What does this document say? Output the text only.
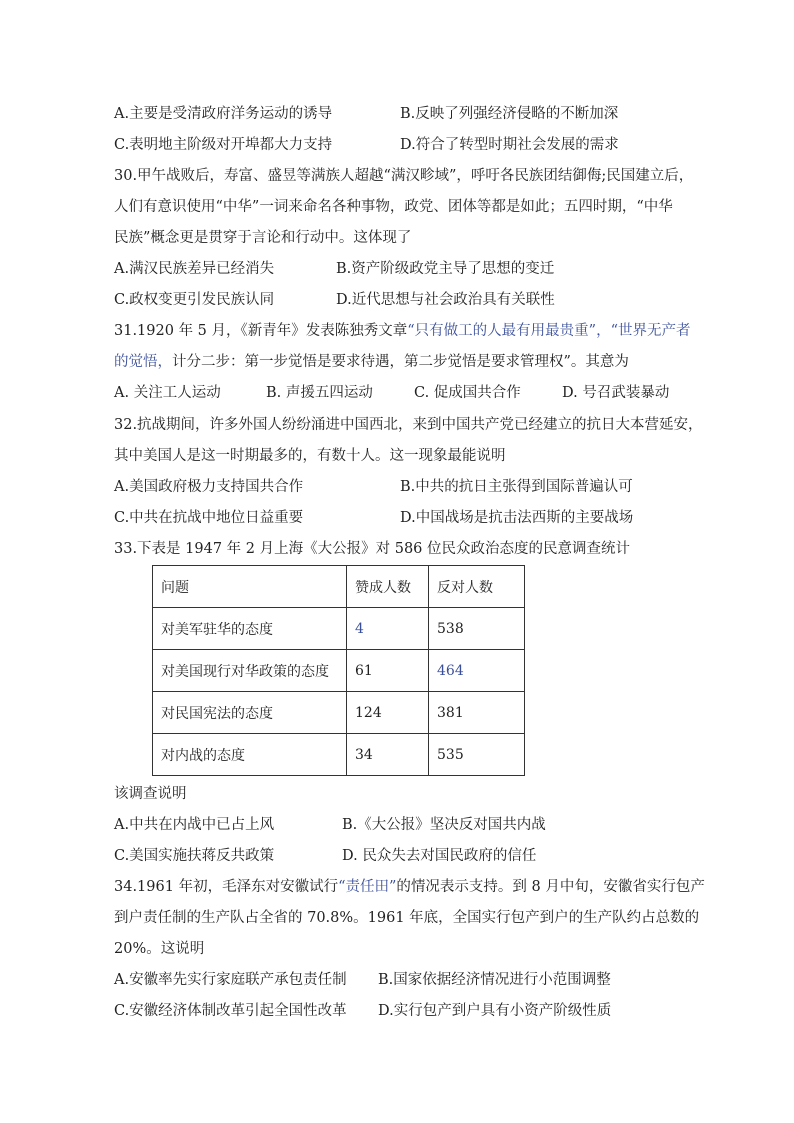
A.主要是受清政府洋务运动的诱导	B.反映了列强经济侵略的不断加深
C.表明地主阶级对开埠都大力支持	D.符合了转型时期社会发展的需求
30.甲午战败后，寿富、盛昱等满族人超越“满汉畛域”，呼吁各民族团结御侮;民国建立后，
人们有意识使用“中华”一词来命名各种事物，政党、团体等都是如此；五四时期，“中华
民族”概念更是贯穿于言论和行动中。这体现了
A.满汉民族差异已经消失	B.资产阶级政党主导了思想的变迁
C.政权变更引发民族认同	D.近代思想与社会政治具有关联性
31.1920 年 5 月，《新青年》发表陈独秀文章“只有做工的人最有用最贵重”，“世界无产者
的觉悟，计分二步：第一步觉悟是要求待遇，第二步觉悟是要求管理权”。其意为
A. 关注工人运动	B. 声援五四运动	C. 促成国共合作	D. 号召武装暴动
32.抗战期间，许多外国人纷纷涌进中国西北，来到中国共产党已经建立的抗日大本营延安，
其中美国人是这一时期最多的，有数十人。这一现象最能说明
A.美国政府极力支持国共合作	B.中共的抗日主张得到国际普遍认可
C.中共在抗战中地位日益重要	D.中国战场是抗击法西斯的主要战场
33.下表是 1947 年 2 月上海《大公报》对 586 位民众政治态度的民意调查统计
问题	赞成人数	反对人数
对美军驻华的态度	4	538
对美国现行对华政策的态度	61	464
对民国宪法的态度	124	381
对内战的态度	34	535
该调查说明
A.中共在内战中已占上风	B.《大公报》坚决反对国共内战
C.美国实施扶蒋反共政策	D. 民众失去对国民政府的信任
34.1961 年初，毛泽东对安徽试行“责任田”的情况表示支持。到 8 月中旬，安徽省实行包产
到户责任制的生产队占全省的 70.8%。1961 年底，全国实行包产到户的生产队约占总数的
20%。这说明
A.安徽率先实行家庭联产承包责任制 B.国家依据经济情况进行小范围调整
C.安徽经济体制改革引起全国性改革 D.实行包产到户具有小资产阶级性质
